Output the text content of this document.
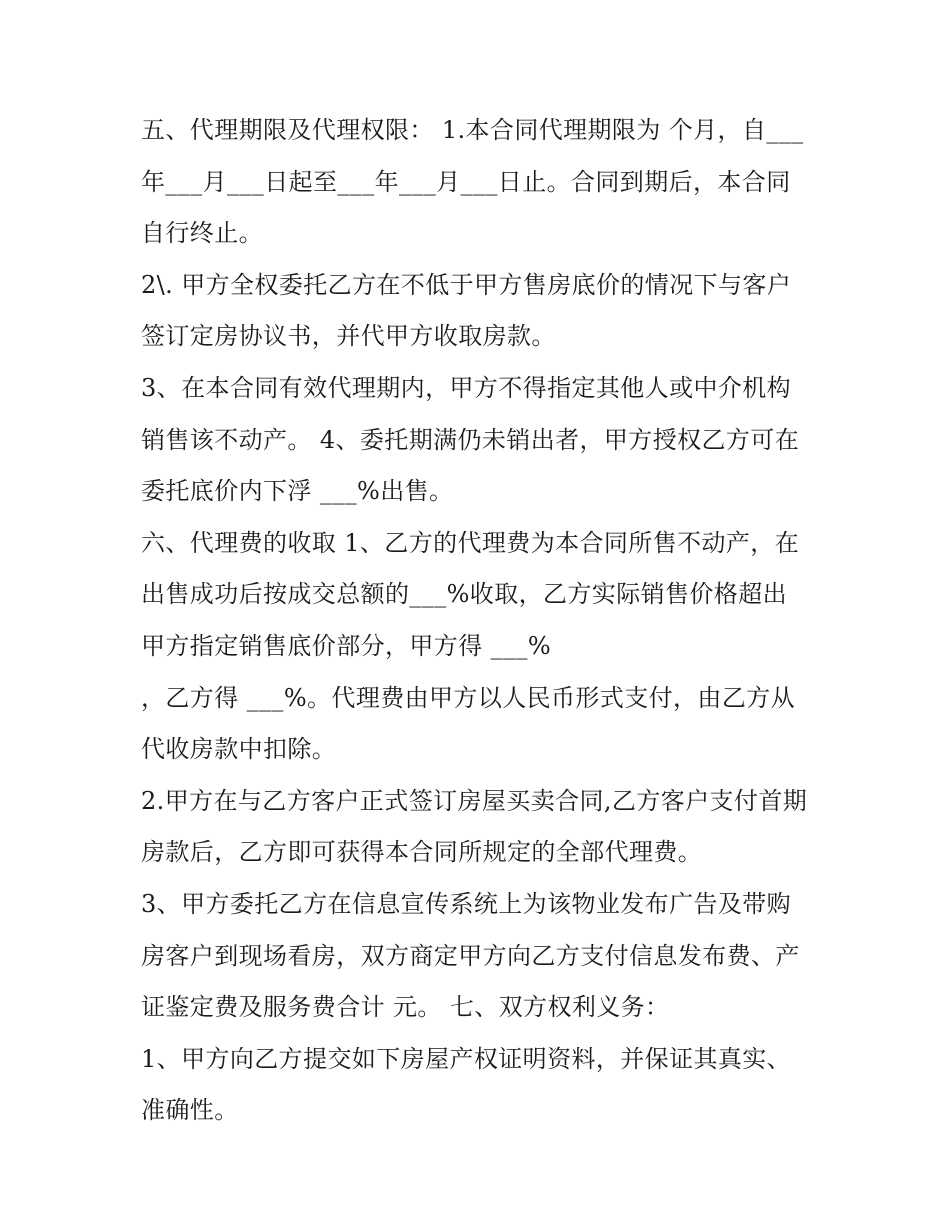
五、代理期限及代理权限： 1.本合同代理期限为 个月，自___
年___月___日起至___年___月___日止。合同到期后，本合同
自行终止。
2\. 甲方全权委托乙方在不低于甲方售房底价的情况下与客户
签订定房协议书，并代甲方收取房款。
3、在本合同有效代理期内，甲方不得指定其他人或中介机构
销售该不动产。 4、委托期满仍未销出者，甲方授权乙方可在
委托底价内下浮 ___%出售。
六、代理费的收取 1、乙方的代理费为本合同所售不动产，在
出售成功后按成交总额的___%收取，乙方实际销售价格超出
甲方指定销售底价部分，甲方得 ___%
，乙方得 ___%。代理费由甲方以人民币形式支付，由乙方从
代收房款中扣除。
2.甲方在与乙方客户正式签订房屋买卖合同,乙方客户支付首期
房款后，乙方即可获得本合同所规定的全部代理费。
3、甲方委托乙方在信息宣传系统上为该物业发布广告及带购
房客户到现场看房，双方商定甲方向乙方支付信息发布费、产
证鉴定费及服务费合计 元。 七、双方权利义务：
1、甲方向乙方提交如下房屋产权证明资料，并保证其真实、
准确性。
